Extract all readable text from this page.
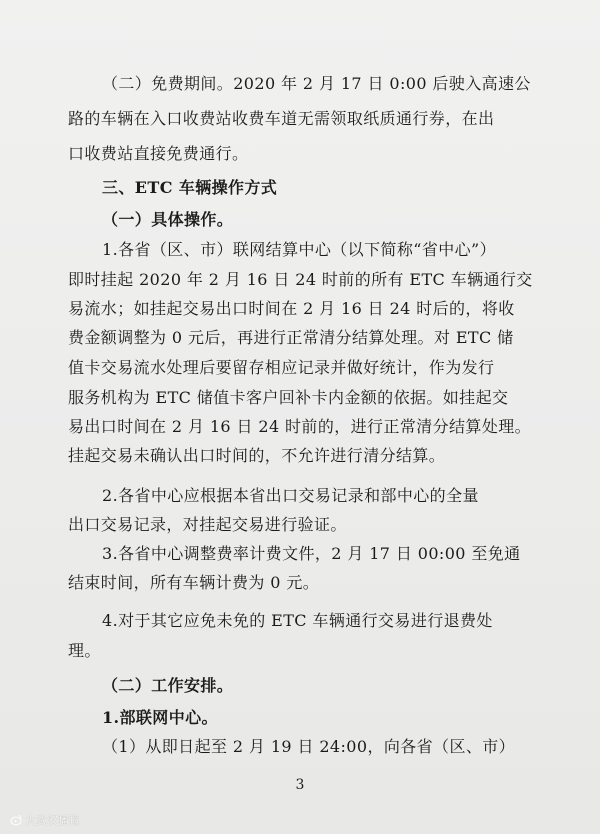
（二）免费期间。2020 年 2 月 17 日 0:00 后驶入高速公
路的车辆在入口收费站收费车道无需领取纸质通行券，在出
口收费站直接免费通行。
三、ETC 车辆操作方式
（一）具体操作。
1.各省（区、市）联网结算中心（以下简称“省中心”）
即时挂起 2020 年 2 月 16 日 24 时前的所有 ETC 车辆通行交
易流水；如挂起交易出口时间在 2 月 16 日 24 时后的，将收
费金额调整为 0 元后，再进行正常清分结算处理。对 ETC 储
值卡交易流水处理后要留存相应记录并做好统计，作为发行
服务机构为 ETC 储值卡客户回补卡内金额的依据。如挂起交
易出口时间在 2 月 16 日 24 时前的，进行正常清分结算处理。
挂起交易未确认出口时间的，不允许进行清分结算。
2.各省中心应根据本省出口交易记录和部中心的全量
出口交易记录，对挂起交易进行验证。
3.各省中心调整费率计费文件，2 月 17 日 00:00 至免通
结束时间，所有车辆计费为 0 元。
4.对于其它应免未免的 ETC 车辆通行交易进行退费处
理。
（二）工作安排。
1.部联网中心。
（1）从即日起至 2 月 19 日 24:00，向各省（区、市）
3
大武汉播报
